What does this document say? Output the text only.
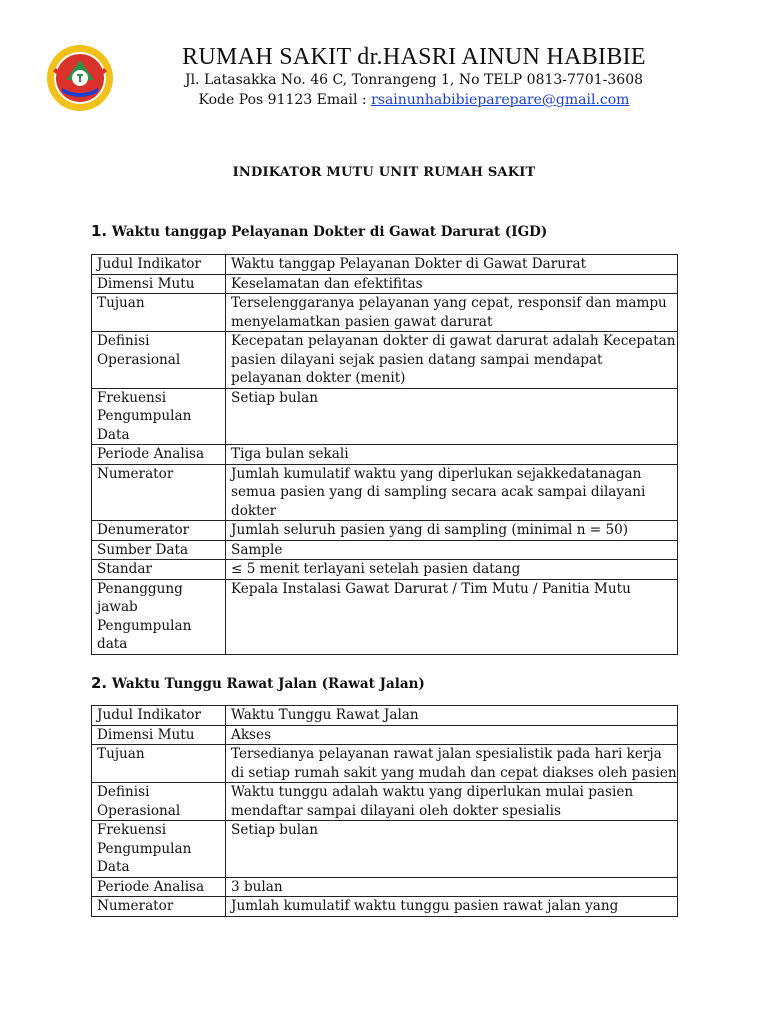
RUMAH SAKIT dr.HASRI AINUN HABIBIE
Jl. Latasakka No. 46 C, Tonrangeng 1, No TELP 0813-7701-3608
Kode Pos 91123 Email : rsainunhabibieparepare@gmail.com
INDIKATOR MUTU UNIT RUMAH SAKIT
1. Waktu tanggap Pelayanan Dokter di Gawat Darurat (IGD)
Judul Indikator	Waktu tanggap Pelayanan Dokter di Gawat Darurat
Dimensi Mutu	Keselamatan dan efektifitas
Tujuan	Terselenggaranya pelayanan yang cepat, responsif dan mampu menyelamatkan pasien gawat darurat
Definisi Operasional	Kecepatan pelayanan dokter di gawat darurat adalah Kecepatan pasien dilayani sejak pasien datang sampai mendapat pelayanan dokter (menit)
Frekuensi Pengumpulan Data	Setiap bulan
Periode Analisa	Tiga bulan sekali
Numerator	Jumlah kumulatif waktu yang diperlukan sejakkedatanagan semua pasien yang di sampling secara acak sampai dilayani dokter
Denumerator	Jumlah seluruh pasien yang di sampling (minimal n = 50)
Sumber Data	Sample
Standar	≤ 5 menit terlayani setelah pasien datang
Penanggung jawab Pengumpulan data	Kepala Instalasi Gawat Darurat / Tim Mutu / Panitia Mutu
2. Waktu Tunggu Rawat Jalan (Rawat Jalan)
Judul Indikator	Waktu Tunggu Rawat Jalan
Dimensi Mutu	Akses
Tujuan	Tersedianya pelayanan rawat jalan spesialistik pada hari kerja di setiap rumah sakit yang mudah dan cepat diakses oleh pasien
Definisi Operasional	Waktu tunggu adalah waktu yang diperlukan mulai pasien mendaftar sampai dilayani oleh dokter spesialis
Frekuensi Pengumpulan Data	Setiap bulan
Periode Analisa	3 bulan
Numerator	Jumlah kumulatif waktu tunggu pasien rawat jalan yang
